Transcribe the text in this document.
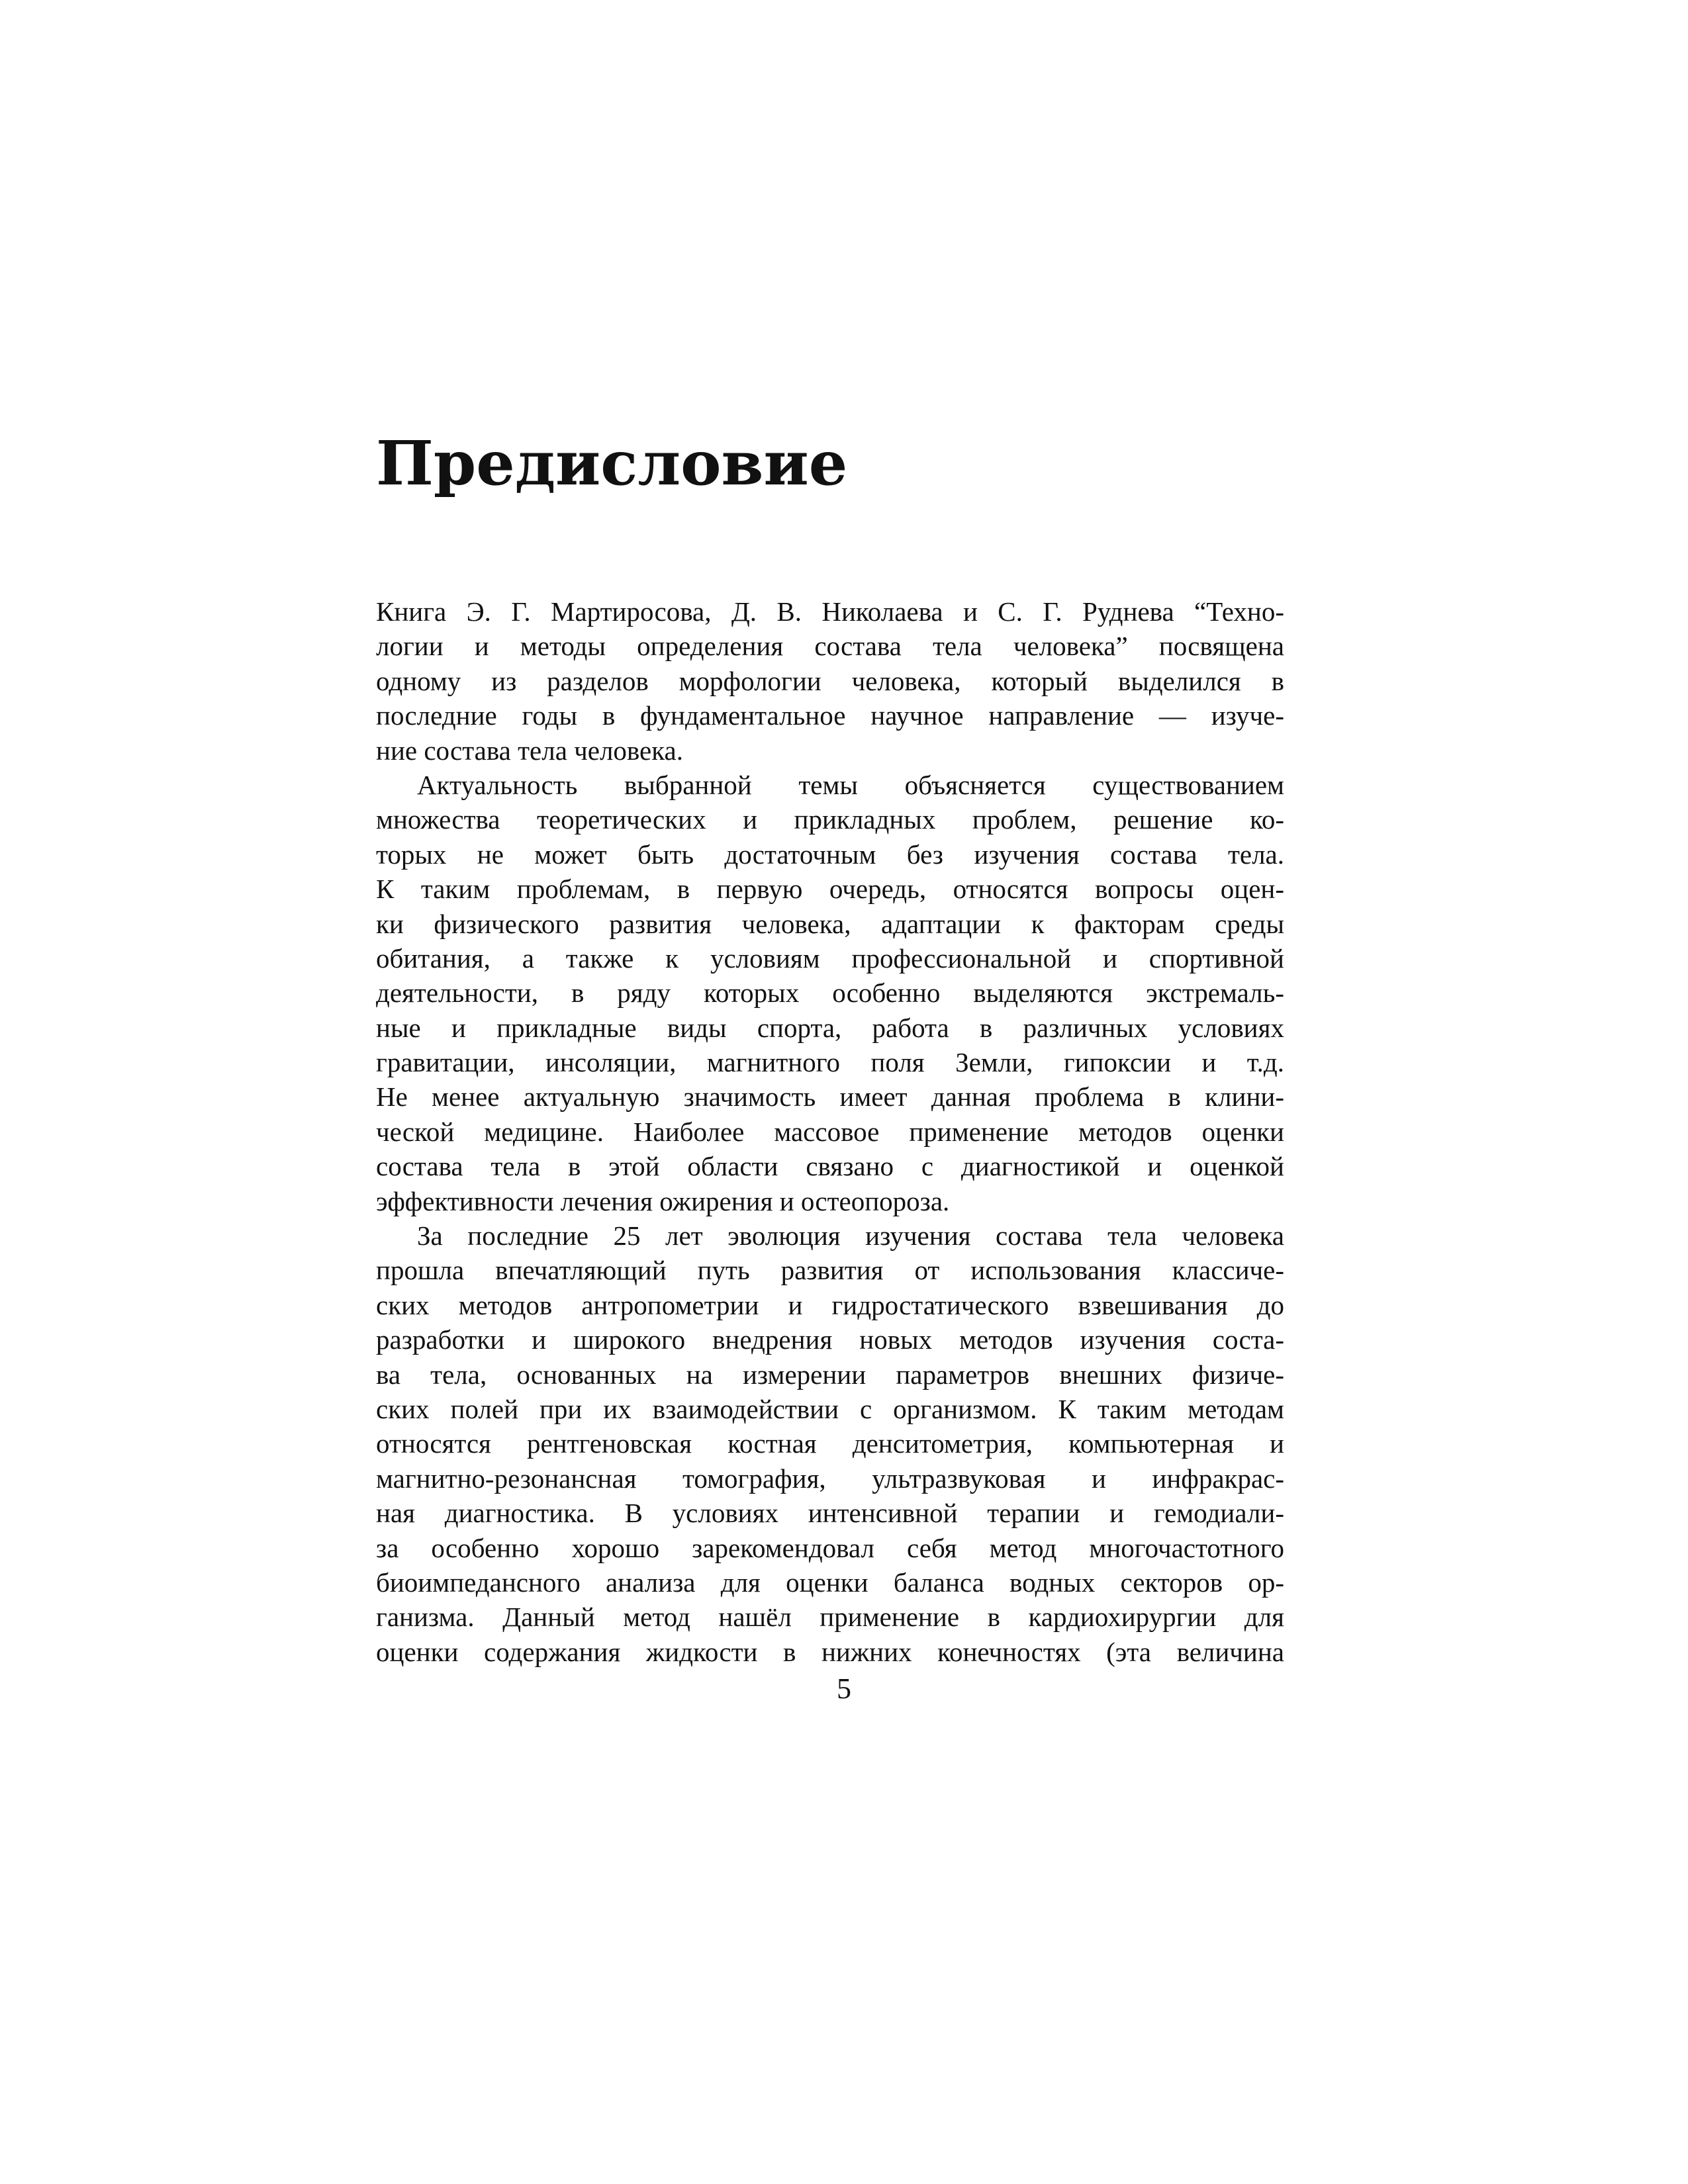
Предисловие

Книга Э. Г. Мартиросова, Д. В. Николаева и С. Г. Руднева “Техно-
логии и методы определения состава тела человека” посвящена
одному из разделов морфологии человека, который выделился в
последние годы в фундаментальное научное направление — изуче-
ние состава тела человека.

Актуальность выбранной темы объясняется существованием
множества теоретических и прикладных проблем, решение ко-
торых не может быть достаточным без изучения состава тела.
К таким проблемам, в первую очередь, относятся вопросы оцен-
ки физического развития человека, адаптации к факторам среды
обитания, а также к условиям профессиональной и спортивной
деятельности, в ряду которых особенно выделяются экстремаль-
ные и прикладные виды спорта, работа в различных условиях
гравитации, инсоляции, магнитного поля Земли, гипоксии и т.д.
Не менее актуальную значимость имеет данная проблема в клини-
ческой медицине. Наиболее массовое применение методов оценки
состава тела в этой области связано с диагностикой и оценкой
эффективности лечения ожирения и остеопороза.

За последние 25 лет эволюция изучения состава тела человека
прошла впечатляющий путь развития от использования классиче-
ских методов антропометрии и гидростатического взвешивания до
разработки и широкого внедрения новых методов изучения соста-
ва тела, основанных на измерении параметров внешних физиче-
ских полей при их взаимодействии с организмом. К таким методам
относятся рентгеновская костная денситометрия, компьютерная и
магнитно-резонансная томография, ультразвуковая и инфракрас-
ная диагностика. В условиях интенсивной терапии и гемодиали-
за особенно хорошо зарекомендовал себя метод многочастотного
биоимпедансного анализа для оценки баланса водных секторов ор-
ганизма. Данный метод нашёл применение в кардиохирургии для
оценки содержания жидкости в нижних конечностях (эта величина

5
